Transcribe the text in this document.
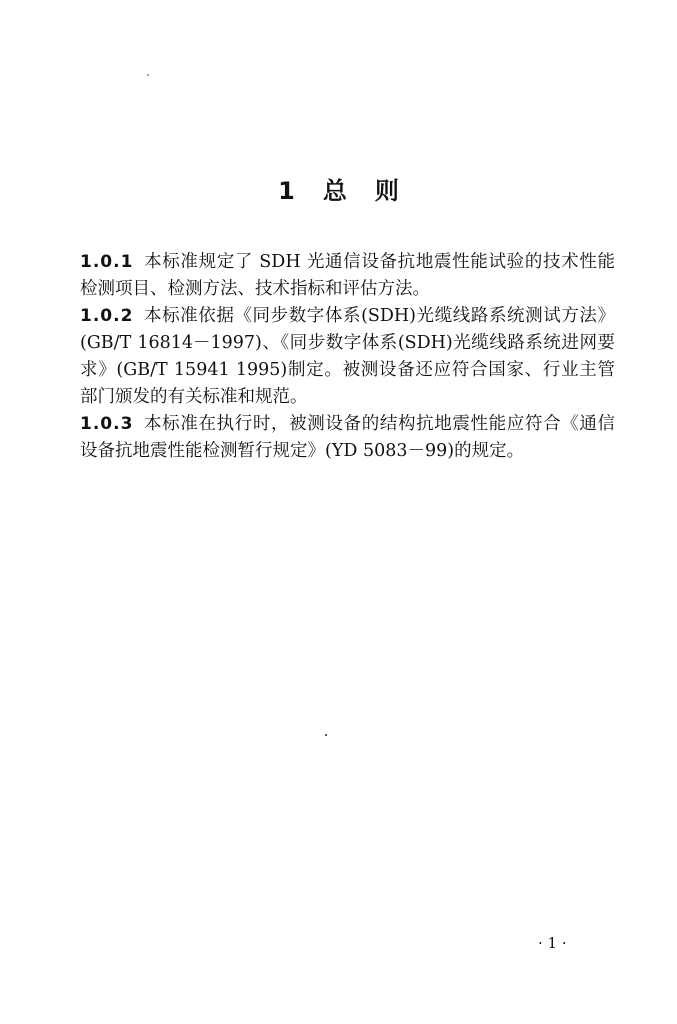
1 总则

1.0.1 本标准规定了 SDH 光通信设备抗地震性能试验的技术性能检测项目、检测方法、技术指标和评估方法。

1.0.2 本标准依据《同步数字体系(SDH)光缆线路系统测试方法》(GB/T 16814－1997)、《同步数字体系(SDH)光缆线路系统进网要求》(GB/T 15941 1995)制定。被测设备还应符合国家、行业主管部门颁发的有关标准和规范。

1.0.3 本标准在执行时，被测设备的结构抗地震性能应符合《通信设备抗地震性能检测暂行规定》(YD 5083－99)的规定。

· 1 ·
